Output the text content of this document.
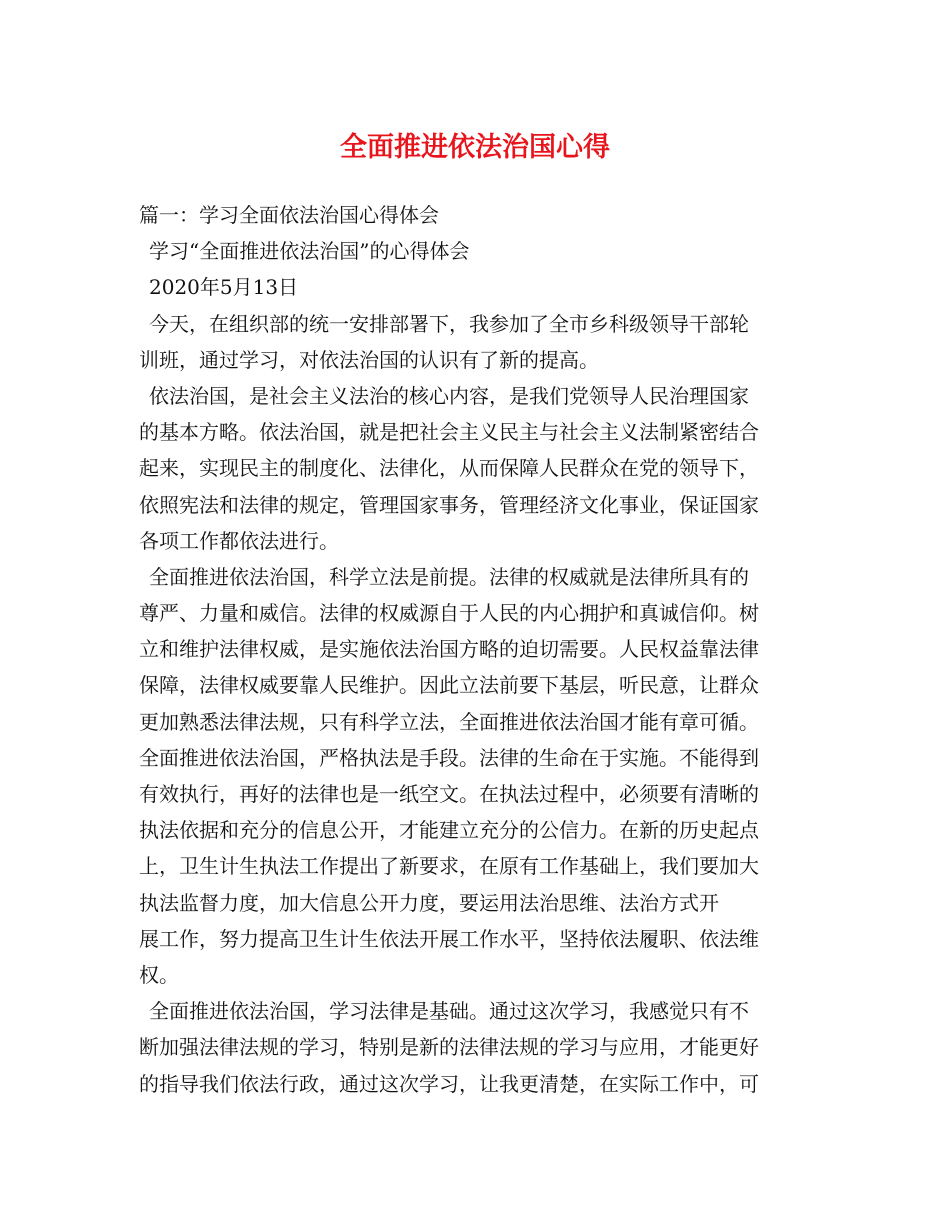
全面推进依法治国心得
篇一：学习全面依法治国心得体会
学习“全面推进依法治国”的心得体会
2020年5月13日
今天，在组织部的统一安排部署下，我参加了全市乡科级领导干部轮
训班，通过学习，对依法治国的认识有了新的提高。
依法治国，是社会主义法治的核心内容，是我们党领导人民治理国家
的基本方略。依法治国，就是把社会主义民主与社会主义法制紧密结合
起来，实现民主的制度化、法律化，从而保障人民群众在党的领导下，
依照宪法和法律的规定，管理国家事务，管理经济文化事业，保证国家
各项工作都依法进行。
全面推进依法治国，科学立法是前提。法律的权威就是法律所具有的
尊严、力量和威信。法律的权威源自于人民的内心拥护和真诚信仰。树
立和维护法律权威，是实施依法治国方略的迫切需要。人民权益靠法律
保障，法律权威要靠人民维护。因此立法前要下基层，听民意，让群众
更加熟悉法律法规，只有科学立法，全面推进依法治国才能有章可循。
全面推进依法治国，严格执法是手段。法律的生命在于实施。不能得到
有效执行，再好的法律也是一纸空文。在执法过程中，必须要有清晰的
执法依据和充分的信息公开，才能建立充分的公信力。在新的历史起点
上，卫生计生执法工作提出了新要求，在原有工作基础上，我们要加大
执法监督力度，加大信息公开力度，要运用法治思维、法治方式开
展工作，努力提高卫生计生依法开展工作水平，坚持依法履职、依法维
权。
全面推进依法治国，学习法律是基础。通过这次学习，我感觉只有不
断加强法律法规的学习，特别是新的法律法规的学习与应用，才能更好
的指导我们依法行政，通过这次学习，让我更清楚，在实际工作中，可
